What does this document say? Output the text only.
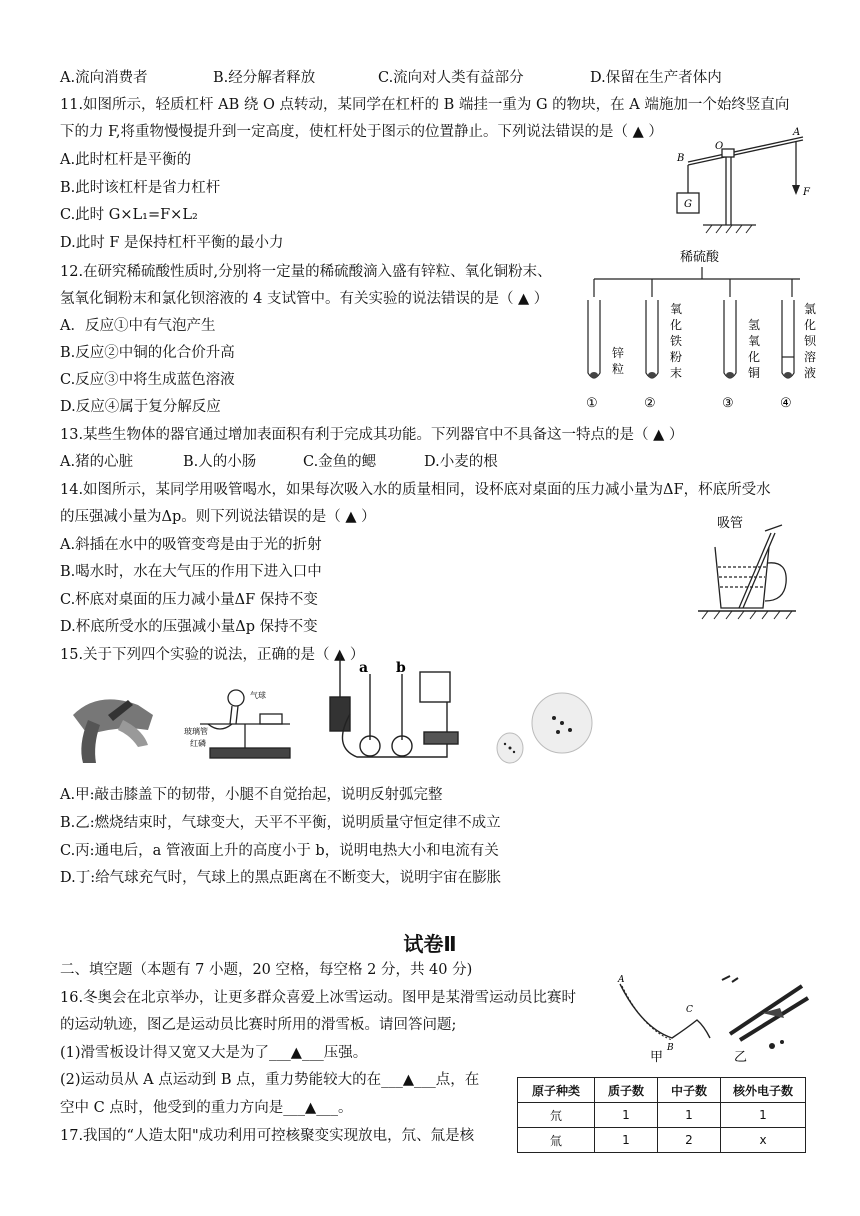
A.流向消费者	B.经分解者释放	C.流向对人类有益部分	D.保留在生产者体内
11.如图所示，轻质杠杆 AB 绕 O 点转动，某同学在杠杆的 B 端挂一重为 G 的物块，在 A 端施加一个始终竖直向
下的力 F,将重物慢慢提升到一定高度，使杠杆处于图示的位置静止。下列说法错误的是（ ▲ ）
A.此时杠杆是平衡的
B.此时该杠杆是省力杠杆
C.此时 G×L₁=F×L₂
D.此时 F 是保持杠杆平衡的最小力
B
O
A
F
G
12.在研究稀硫酸性质时,分别将一定量的稀硫酸滴入盛有锌粒、氧化铜粉末、
氢氧化铜粉末和氯化钡溶液的 4 支试管中。有关实验的说法错误的是（ ▲ ）
A．反应①中有气泡产生
B.反应②中铜的化合价升高
C.反应③中将生成蓝色溶液
D.反应④属于复分解反应
稀硫酸
锌粒
氧化铁粉末
氢氧化铜
氯化钡溶液
①	②	③	④
13.某些生物体的器官通过增加表面积有利于完成其功能。下列器官中不具备这一特点的是（ ▲ ）
A.猪的心脏	B.人的小肠	C.金鱼的鳃	D.小麦的根
14.如图所示，某同学用吸管喝水，如果每次吸入水的质量相同，设杯底对桌面的压力减小量为ΔF，杯底所受水
的压强减小量为Δp。则下列说法错误的是（ ▲ ）
A.斜插在水中的吸管变弯是由于光的折射
B.喝水时，水在大气压的作用下进入口中
C.杯底对桌面的压力减小量ΔF 保持不变
D.杯底所受水的压强减小量Δp 保持不变
吸管
15.关于下列四个实验的说法，正确的是（ ▲ ）
气球
玻璃管
红磷
a b
A.甲:敲击膝盖下的韧带，小腿不自觉抬起，说明反射弧完整
B.乙:燃烧结束时，气球变大，天平不平衡，说明质量守恒定律不成立
C.丙:通电后，a 管液面上升的高度小于 b，说明电热大小和电流有关
D.丁:给气球充气时，气球上的黑点距离在不断变大，说明宇宙在膨胀
试卷Ⅱ
二、填空题（本题有 7 小题，20 空格，每空格 2 分，共 40 分)
16.冬奥会在北京举办，让更多群众喜爱上冰雪运动。图甲是某滑雪运动员比赛时
的运动轨迹，图乙是运动员比赛时所用的滑雪板。请回答问题;
(1)滑雪板设计得又宽又大是为了___▲___压强。
(2)运动员从 A 点运动到 B 点，重力势能较大的在___▲___点，在
空中 C 点时，他受到的重力方向是___▲___。
A
B
C
甲	乙
17.我国的“人造太阳"成功利用可控核聚变实现放电，氘、氚是核
原子种类	质子数	中子数	核外电子数
氘	1	1	1
氚	1	2	x
